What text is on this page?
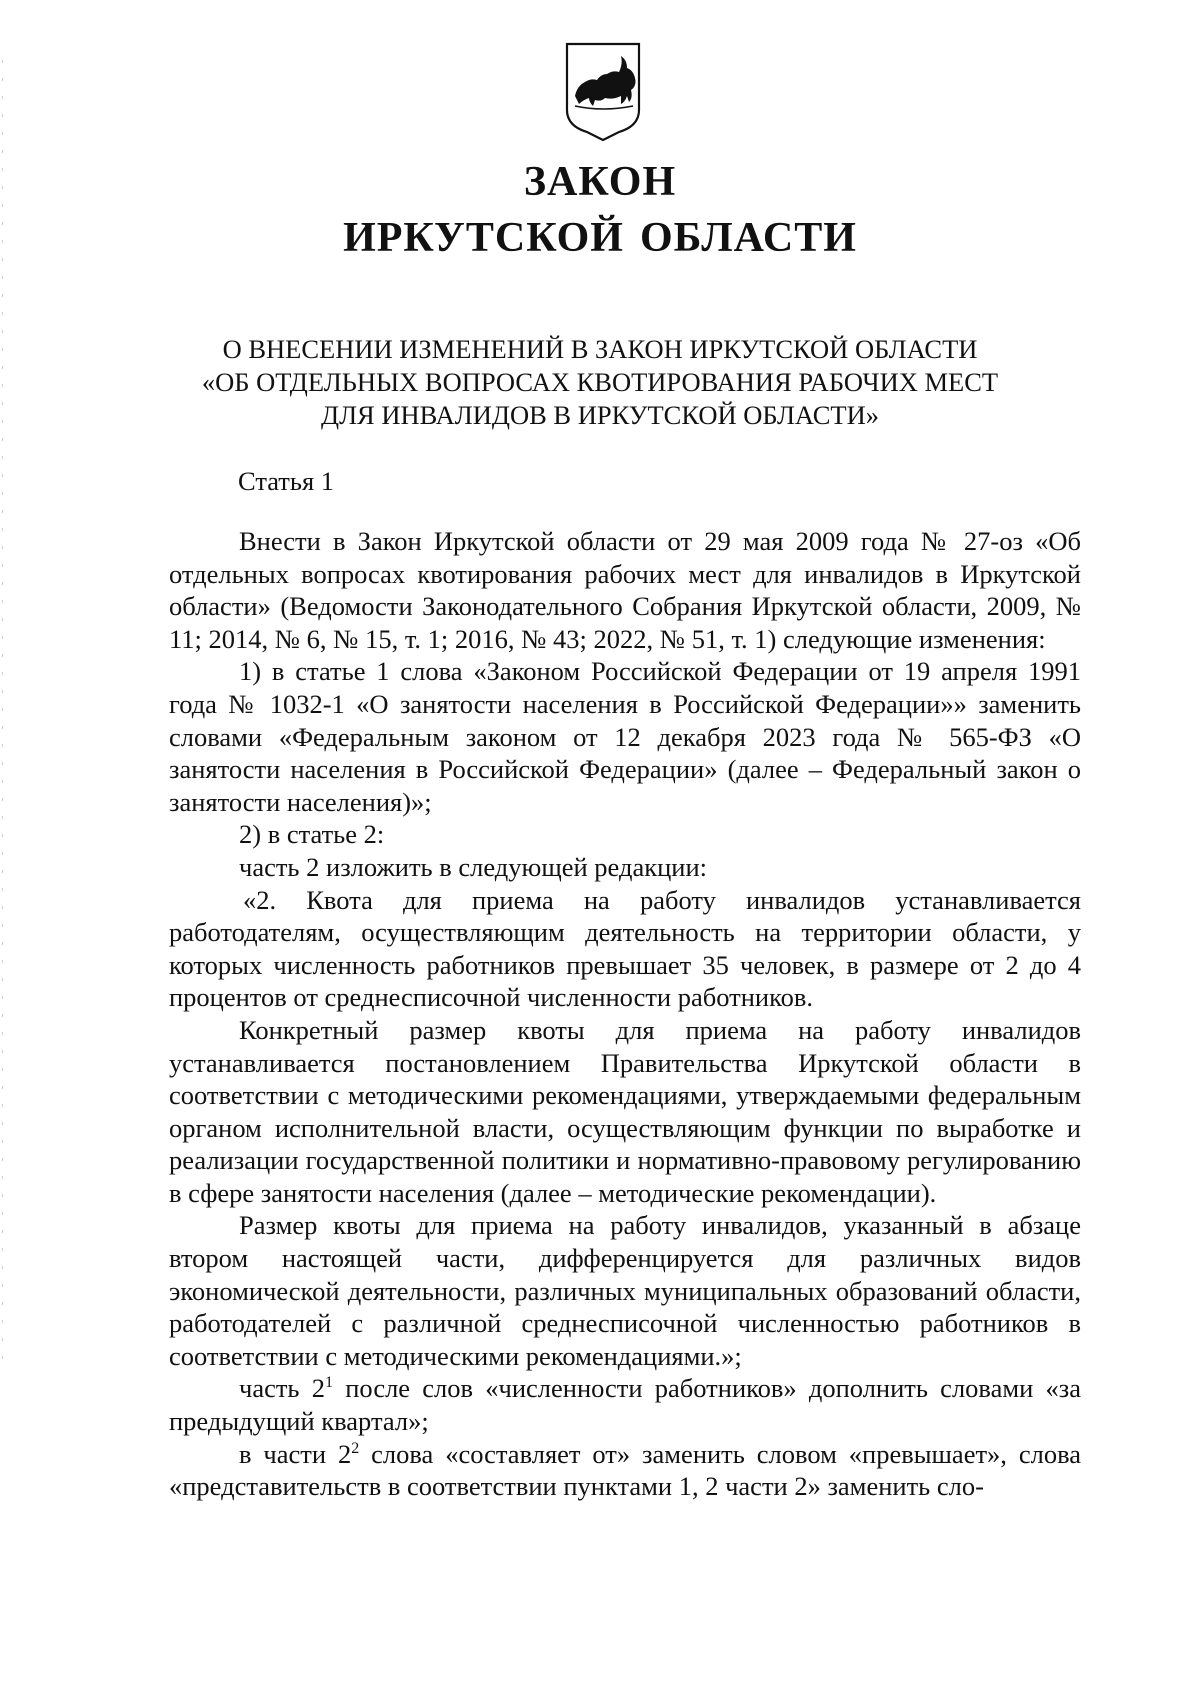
ЗАКОН
ИРКУТСКОЙ ОБЛАСТИ
О ВНЕСЕНИИ ИЗМЕНЕНИЙ В ЗАКОН ИРКУТСКОЙ ОБЛАСТИ
«ОБ ОТДЕЛЬНЫХ ВОПРОСАХ КВОТИРОВАНИЯ РАБОЧИХ МЕСТ
ДЛЯ ИНВАЛИДОВ В ИРКУТСКОЙ ОБЛАСТИ»
Статья 1

Внести в Закон Иркутской области от 29 мая 2009 года № 27-оз «Об отдельных вопросах квотирования рабочих мест для инвалидов в Иркутской области» (Ведомости Законодательного Собрания Иркутской области, 2009, № 11; 2014, № 6, № 15, т. 1; 2016, № 43; 2022, № 51, т. 1) следующие изменения:

1) в статье 1 слова «Законом Российской Федерации от 19 апреля 1991 года № 1032-1 «О занятости населения в Российской Федерации»» заменить словами «Федеральным законом от 12 декабря 2023 года № 565-ФЗ «О занятости населения в Российской Федерации» (далее – Федеральный закон о занятости населения)»;

2) в статье 2:

часть 2 изложить в следующей редакции:

«2. Квота для приема на работу инвалидов устанавливается работодателям, осуществляющим деятельность на территории области, у которых численность работников превышает 35 человек, в размере от 2 до 4 процентов от среднесписочной численности работников.

Конкретный размер квоты для приема на работу инвалидов устанавливается постановлением Правительства Иркутской области в соответствии с методическими рекомендациями, утверждаемыми федеральным органом исполнительной власти, осуществляющим функции по выработке и реализации государственной политики и нормативно-правовому регулированию в сфере занятости населения (далее – методические рекомендации).

Размер квоты для приема на работу инвалидов, указанный в абзаце втором настоящей части, дифференцируется для различных видов экономической деятельности, различных муниципальных образований области, работодателей с различной среднесписочной численностью работников в соответствии с методическими рекомендациями.»;

часть $2^1$ после слов «численности работников» дополнить словами «за предыдущий квартал»;

в части $2^2$ слова «составляет от» заменить словом «превышает», слова «представительств в соответствии пунктами 1, 2 части 2» заменить сло-
